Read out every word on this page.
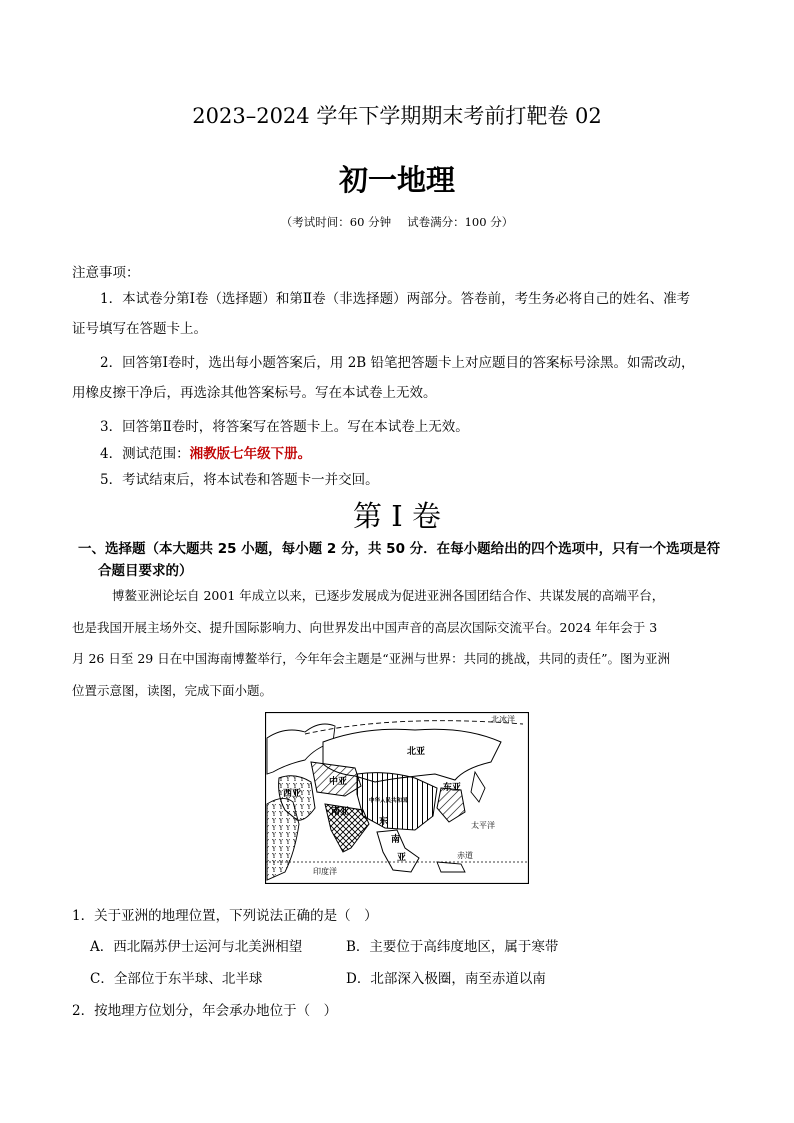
2023–2024 学年下学期期末考前打靶卷 02
初一地理
（考试时间：60 分钟 试卷满分：100 分）
注意事项：
1．本试卷分第Ⅰ卷（选择题）和第Ⅱ卷（非选择题）两部分。答卷前，考生务必将自己的姓名、准考
证号填写在答题卡上。
2．回答第Ⅰ卷时，选出每小题答案后，用 2B 铅笔把答题卡上对应题目的答案标号涂黑。如需改动，
用橡皮擦干净后，再选涂其他答案标号。写在本试卷上无效。
3．回答第Ⅱ卷时，将答案写在答题卡上。写在本试卷上无效。
4．测试范围：湘教版七年级下册。
5．考试结束后，将本试卷和答题卡一并交回。
第 I 卷
一、选择题（本大题共 25 小题，每小题 2 分，共 50 分．在每小题给出的四个选项中，只有一个选项是符
合题目要求的）
博鳌亚洲论坛自 2001 年成立以来，已逐步发展成为促进亚洲各国团结合作、共谋发展的高端平台，
也是我国开展主场外交、提升国际影响力、向世界发出中国声音的高层次国际交流平台。2024 年年会于 3
月 26 日至 29 日在中国海南博鳌举行，今年年会主题是“亚洲与世界：共同的挑战，共同的责任”。图为亚洲
位置示意图，读图，完成下面小题。
北冰洋
北亚
中亚
东亚
西亚
中华人民共和国
南亚
东
南
亚
太平洋
赤道
印度洋
1．关于亚洲的地理位置，下列说法正确的是（　）
A．西北隔苏伊士运河与北美洲相望	B．主要位于高纬度地区，属于寒带
C．全部位于东半球、北半球	D．北部深入极圈，南至赤道以南
2．按地理方位划分，年会承办地位于（　）
